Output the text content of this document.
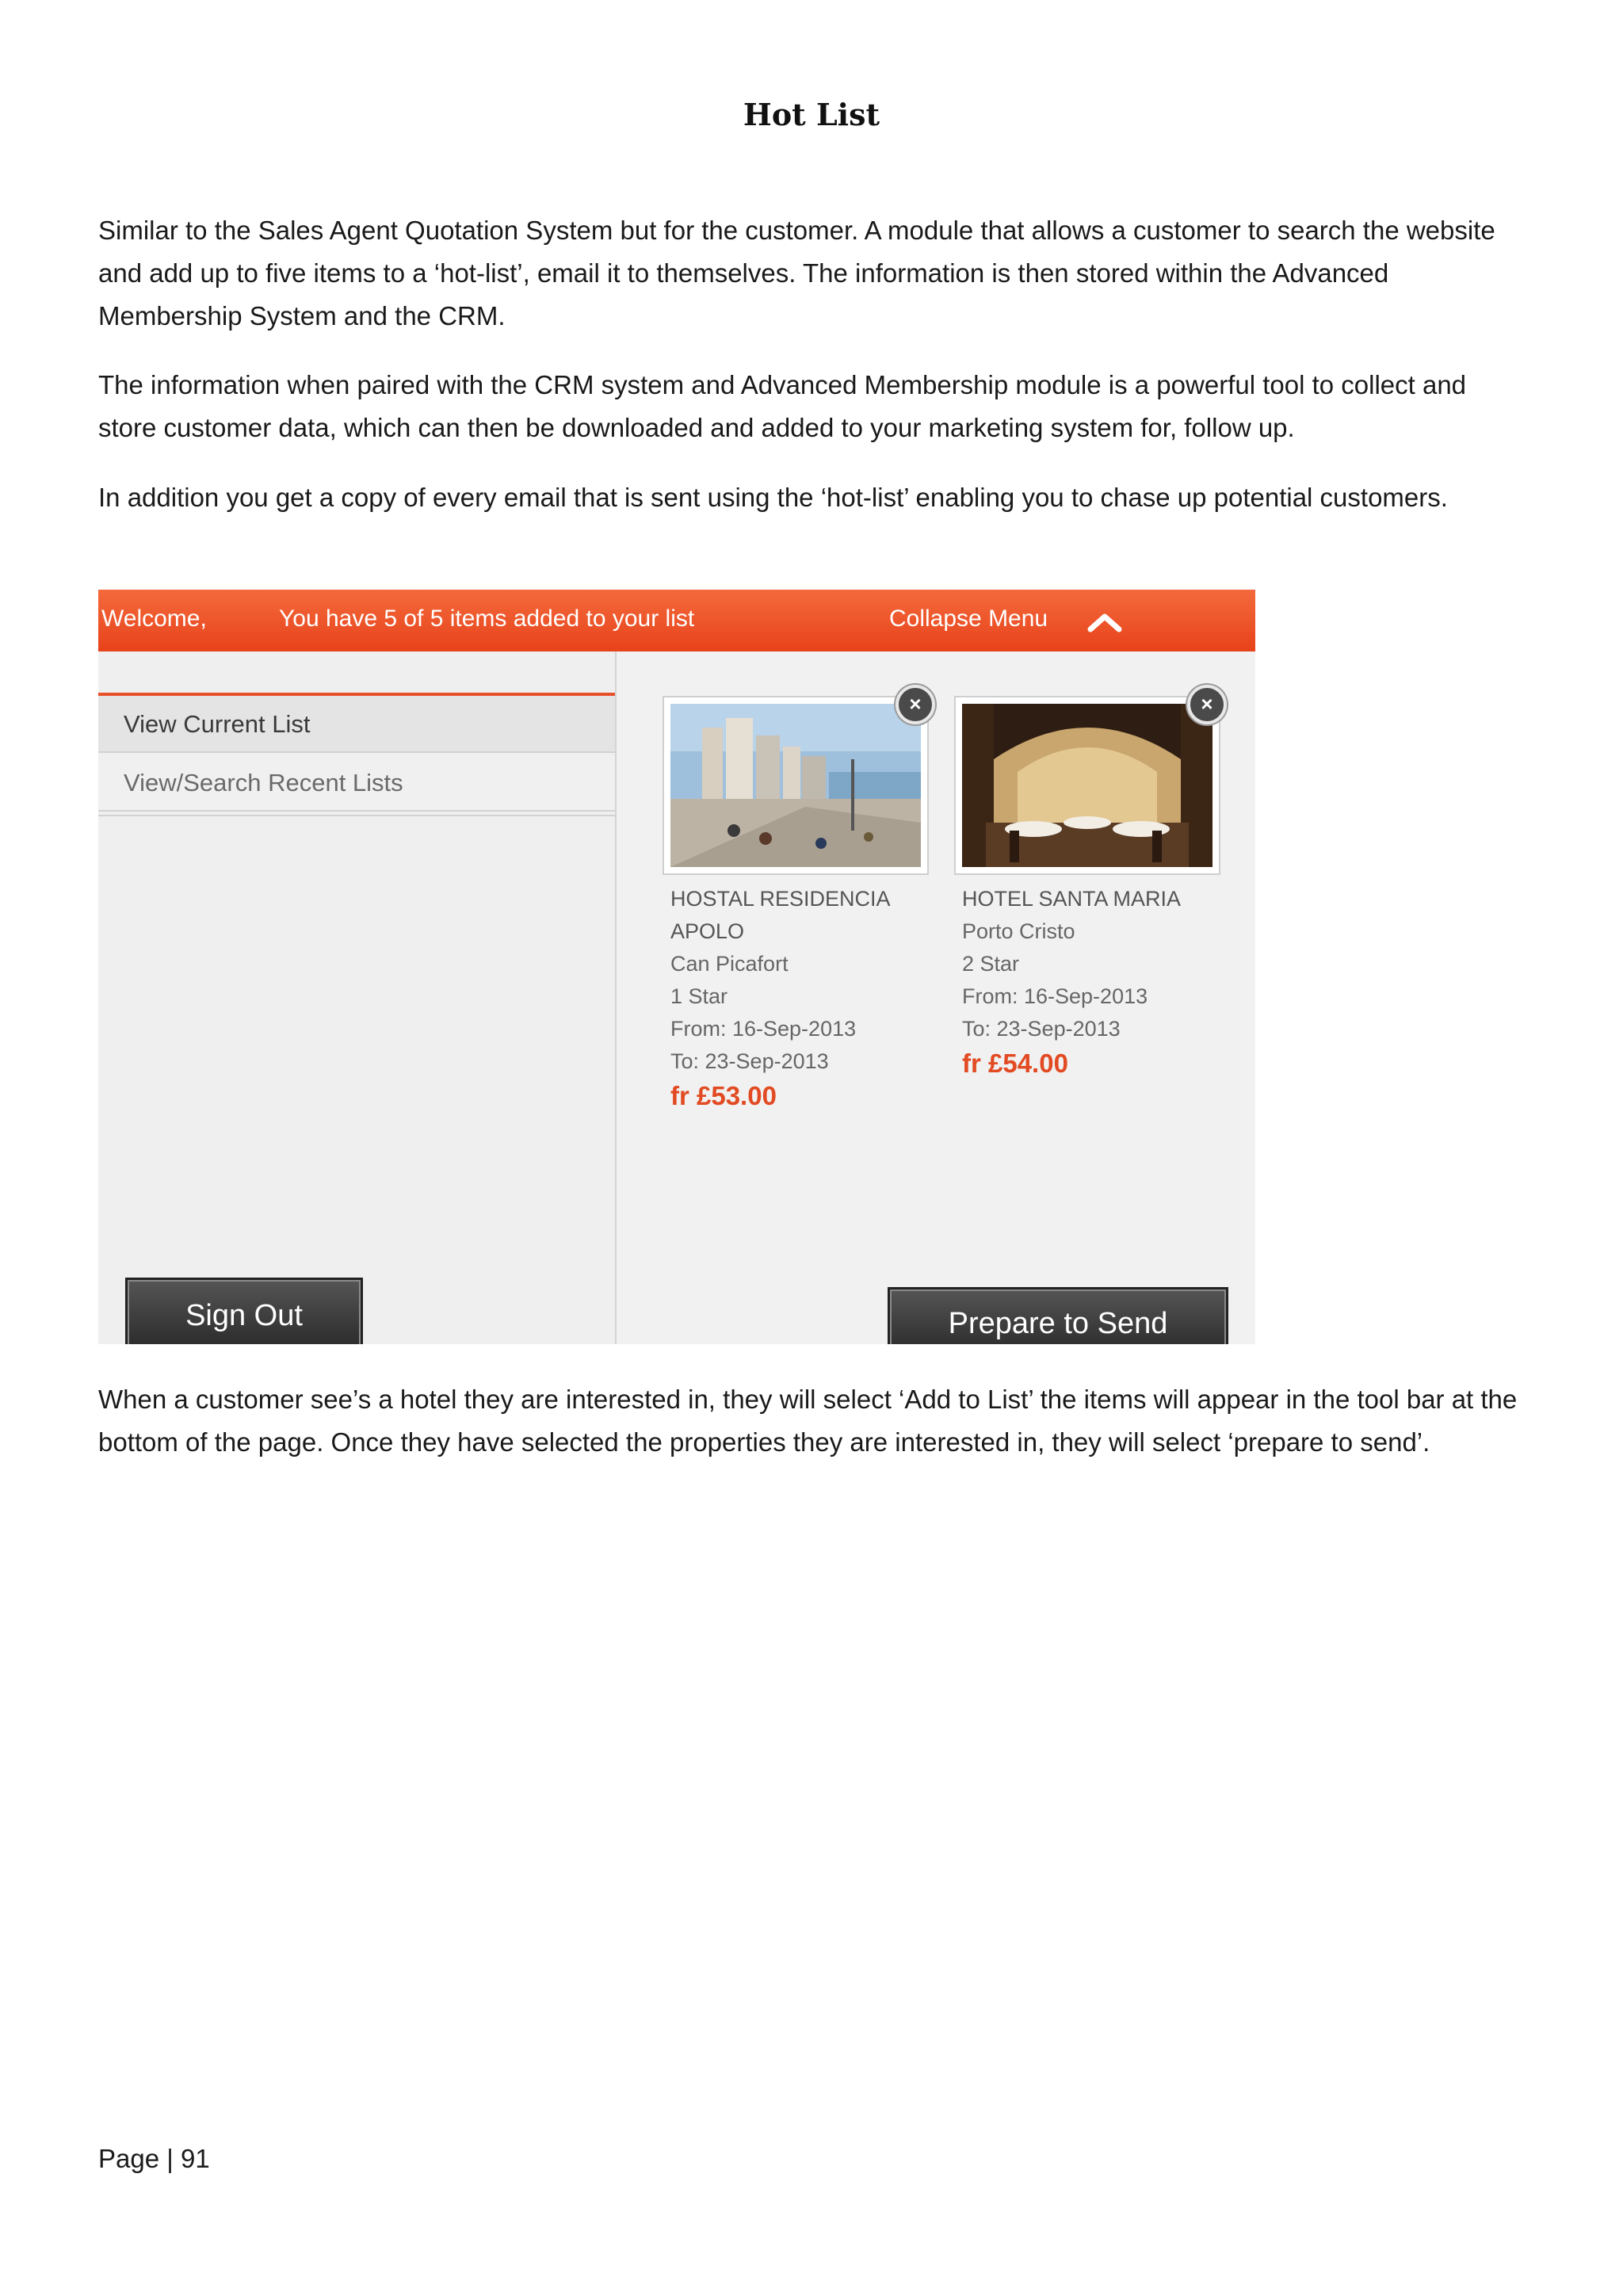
Hot List

Similar to the Sales Agent Quotation System but for the customer. A module that allows a customer to search the website and add up to five items to a ‘hot-list’, email it to themselves. The information is then stored within the Advanced Membership System and the CRM.

The information when paired with the CRM system and Advanced Membership module is a powerful tool to collect and store customer data, which can then be downloaded and added to your marketing system for, follow up.

In addition you get a copy of every email that is sent using the ‘hot-list’ enabling you to chase up potential customers.

Welcome,	You have 5 of 5 items added to your list	Collapse Menu
View Current List
View/Search Recent Lists
×
HOSTAL RESIDENCIA
APOLO
Can Picafort
1 Star
From: 16-Sep-2013
To: 23-Sep-2013
fr £53.00
×
HOTEL SANTA MARIA
Porto Cristo
2 Star
From: 16-Sep-2013
To: 23-Sep-2013
fr £54.00
Sign Out	Prepare to Send

When a customer see’s a hotel they are interested in, they will select ‘Add to List’ the items will appear in the tool bar at the bottom of the page. Once they have selected the properties they are interested in, they will select ‘prepare to send’.

Page | 91
